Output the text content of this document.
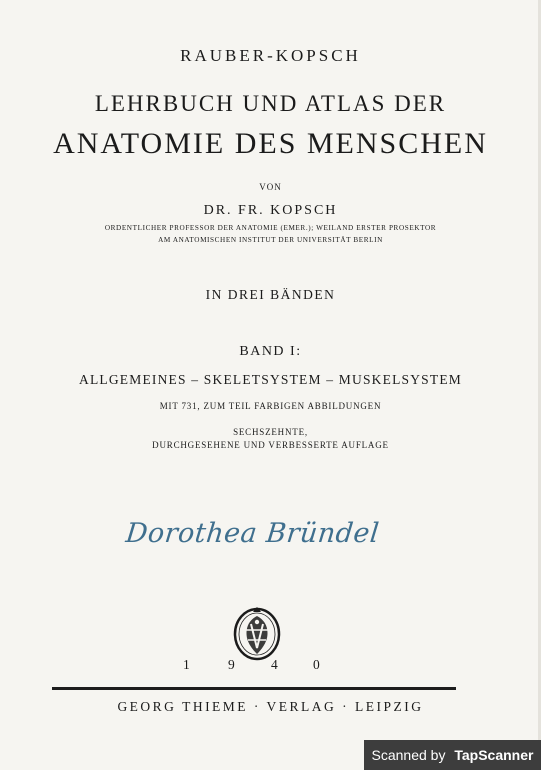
RAUBER-KOPSCH
LEHRBUCH UND ATLAS DER
ANATOMIE DES MENSCHEN
VON
DR. FR. KOPSCH
ORDENTLICHER PROFESSOR DER ANATOMIE (EMER.); WEILAND ERSTER PROSEKTOR
AM ANATOMISCHEN INSTITUT DER UNIVERSITÄT BERLIN
IN DREI BÄNDEN
BAND I:
ALLGEMEINES – SKELETSYSTEM – MUSKELSYSTEM
MIT 731, ZUM TEIL FARBIGEN ABBILDUNGEN
SECHSZEHNTE,
DURCHGESEHENE UND VERBESSERTE AUFLAGE
Dorothea Bründel
1	9	4	0
GEORG THIEME · VERLAG · LEIPZIG
Scanned by TapScanner
